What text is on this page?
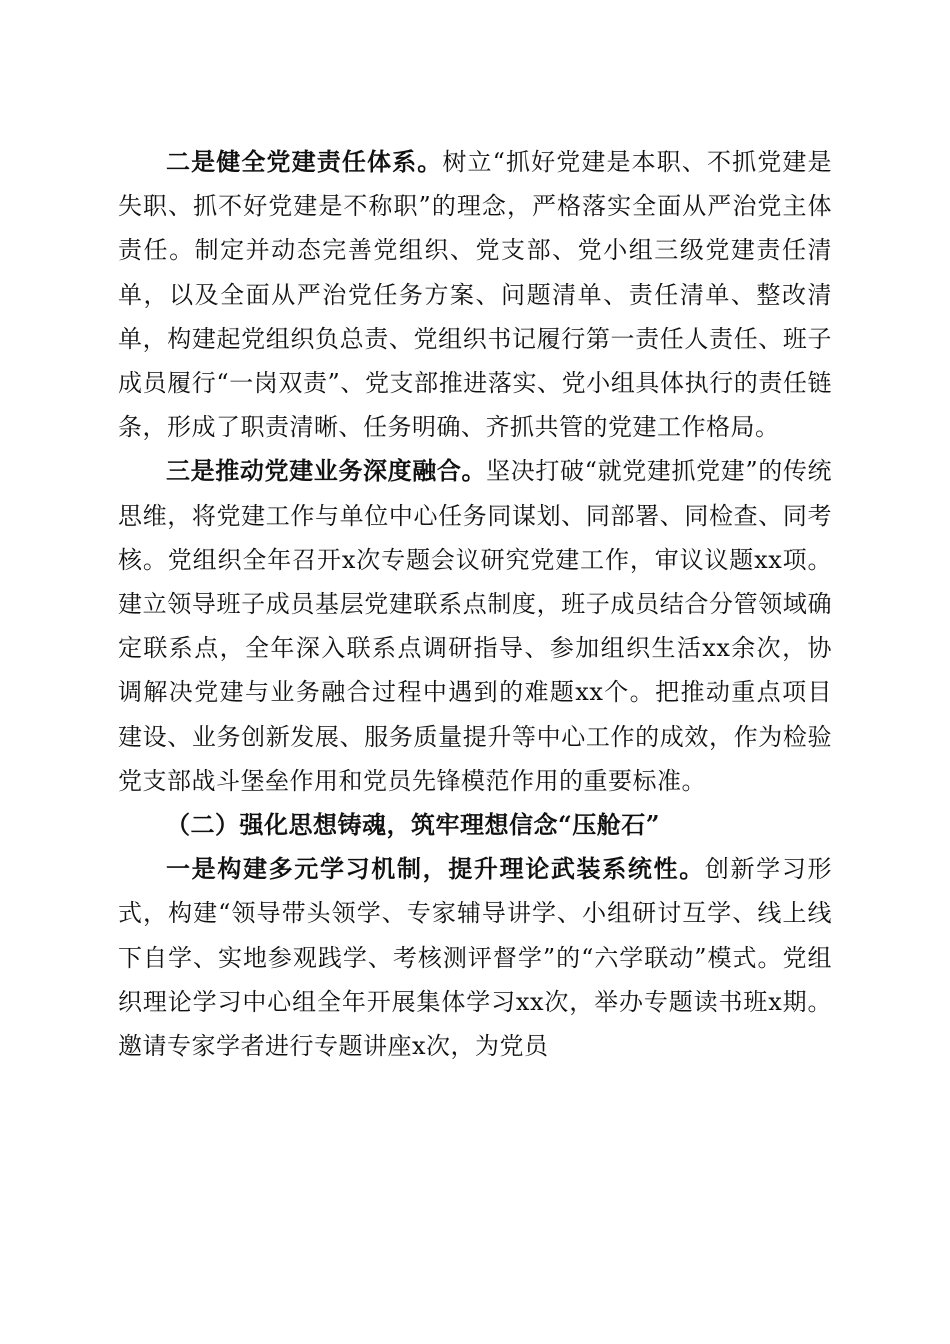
二是健全党建责任体系。树立“抓好党建是本职、不抓党建是失职、抓不好党建是不称职”的理念，严格落实全面从严治党主体责任。制定并动态完善党组织、党支部、党小组三级党建责任清单，以及全面从严治党任务方案、问题清单、责任清单、整改清单，构建起党组织负总责、党组织书记履行第一责任人责任、班子成员履行“一岗双责”、党支部推进落实、党小组具体执行的责任链条，形成了职责清晰、任务明确、齐抓共管的党建工作格局。

三是推动党建业务深度融合。坚决打破“就党建抓党建”的传统思维，将党建工作与单位中心任务同谋划、同部署、同检查、同考核。党组织全年召开x次专题会议研究党建工作，审议议题xx项。建立领导班子成员基层党建联系点制度，班子成员结合分管领域确定联系点，全年深入联系点调研指导、参加组织生活xx余次，协调解决党建与业务融合过程中遇到的难题xx个。把推动重点项目建设、业务创新发展、服务质量提升等中心工作的成效，作为检验党支部战斗堡垒作用和党员先锋模范作用的重要标准。

（二）强化思想铸魂，筑牢理想信念“压舱石”

一是构建多元学习机制，提升理论武装系统性。创新学习形式，构建“领导带头领学、专家辅导讲学、小组研讨互学、线上线下自学、实地参观践学、考核测评督学”的“六学联动”模式。党组织理论学习中心组全年开展集体学习xx次，举办专题读书班x期。邀请专家学者进行专题讲座x次，为党员
